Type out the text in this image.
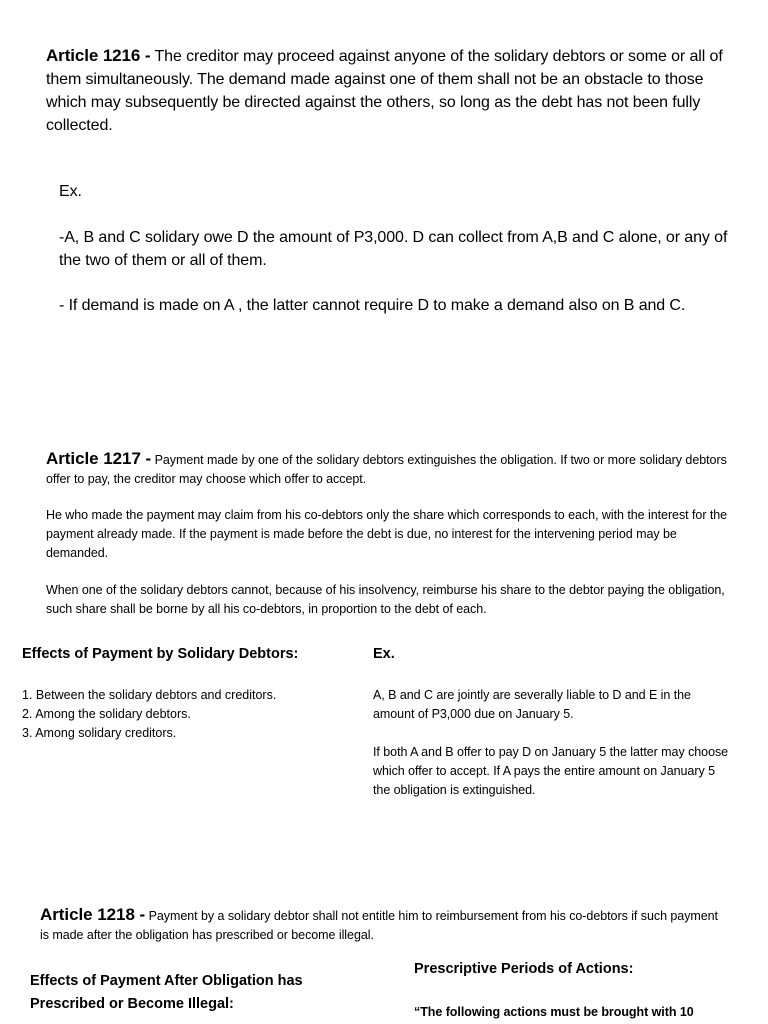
Article 1216 - The creditor may proceed against anyone of the solidary debtors or some or all of them simultaneously. The demand made against one of them shall not be an obstacle to those which may subsequently be directed against the others, so long as the debt has not been fully collected.

Ex.

-A, B and C solidary owe D the amount of P3,000. D can collect from A,B and C alone, or any of the two of them or all of them.

- If demand is made on A , the latter cannot require D to make a demand also on B and C.

Article 1217 - Payment made by one of the solidary debtors extinguishes the obligation. If two or more solidary debtors offer to pay, the creditor may choose which offer to accept.

He who made the payment may claim from his co-debtors only the share which corresponds to each, with the interest for the payment already made. If the payment is made before the debt is due, no interest for the intervening period may be demanded.

When one of the solidary debtors cannot, because of his insolvency, reimburse his share to the debtor paying the obligation, such share shall be borne by all his co-debtors, in proportion to the debt of each.

Effects of Payment by Solidary Debtors:

1. Between the solidary debtors and creditors.

2. Among the solidary debtors.

3. Among solidary creditors.

Ex.

A, B and C are jointly are severally liable to D and E in the amount of P3,000 due on January 5.

If both A and B offer to pay D on January 5 the latter may choose which offer to accept. If A pays the entire amount on January 5 the obligation is extinguished.

Article 1218 - Payment by a solidary debtor shall not entitle him to reimbursement from his co-debtors if such payment is made after the obligation has prescribed or become illegal.

Effects of Payment After Obligation has Prescribed or Become Illegal:

Prescriptive Periods of Actions:

“The following actions must be brought with 10
